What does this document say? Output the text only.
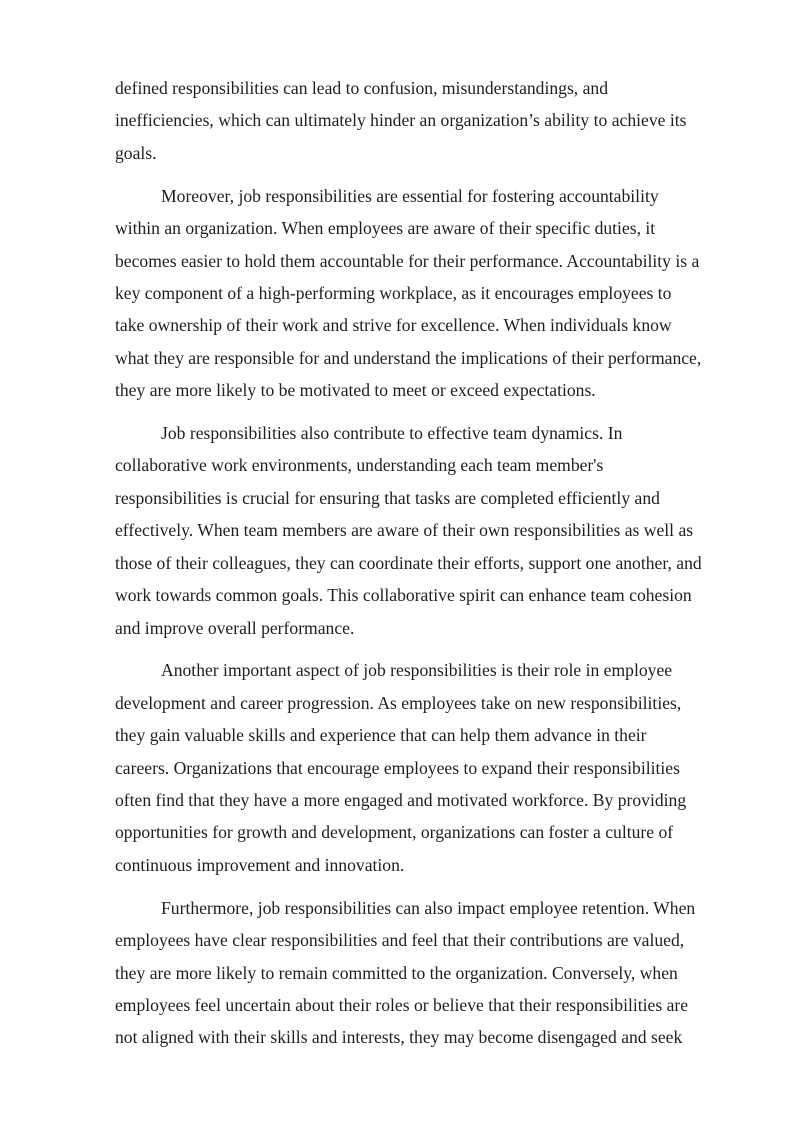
defined responsibilities can lead to confusion, misunderstandings, and
inefficiencies, which can ultimately hinder an organization’s ability to achieve its
goals.
Moreover, job responsibilities are essential for fostering accountability
within an organization. When employees are aware of their specific duties, it
becomes easier to hold them accountable for their performance. Accountability is a
key component of a high-performing workplace, as it encourages employees to
take ownership of their work and strive for excellence. When individuals know
what they are responsible for and understand the implications of their performance,
they are more likely to be motivated to meet or exceed expectations.
Job responsibilities also contribute to effective team dynamics. In
collaborative work environments, understanding each team member's
responsibilities is crucial for ensuring that tasks are completed efficiently and
effectively. When team members are aware of their own responsibilities as well as
those of their colleagues, they can coordinate their efforts, support one another, and
work towards common goals. This collaborative spirit can enhance team cohesion
and improve overall performance.
Another important aspect of job responsibilities is their role in employee
development and career progression. As employees take on new responsibilities,
they gain valuable skills and experience that can help them advance in their
careers. Organizations that encourage employees to expand their responsibilities
often find that they have a more engaged and motivated workforce. By providing
opportunities for growth and development, organizations can foster a culture of
continuous improvement and innovation.
Furthermore, job responsibilities can also impact employee retention. When
employees have clear responsibilities and feel that their contributions are valued,
they are more likely to remain committed to the organization. Conversely, when
employees feel uncertain about their roles or believe that their responsibilities are
not aligned with their skills and interests, they may become disengaged and seek
